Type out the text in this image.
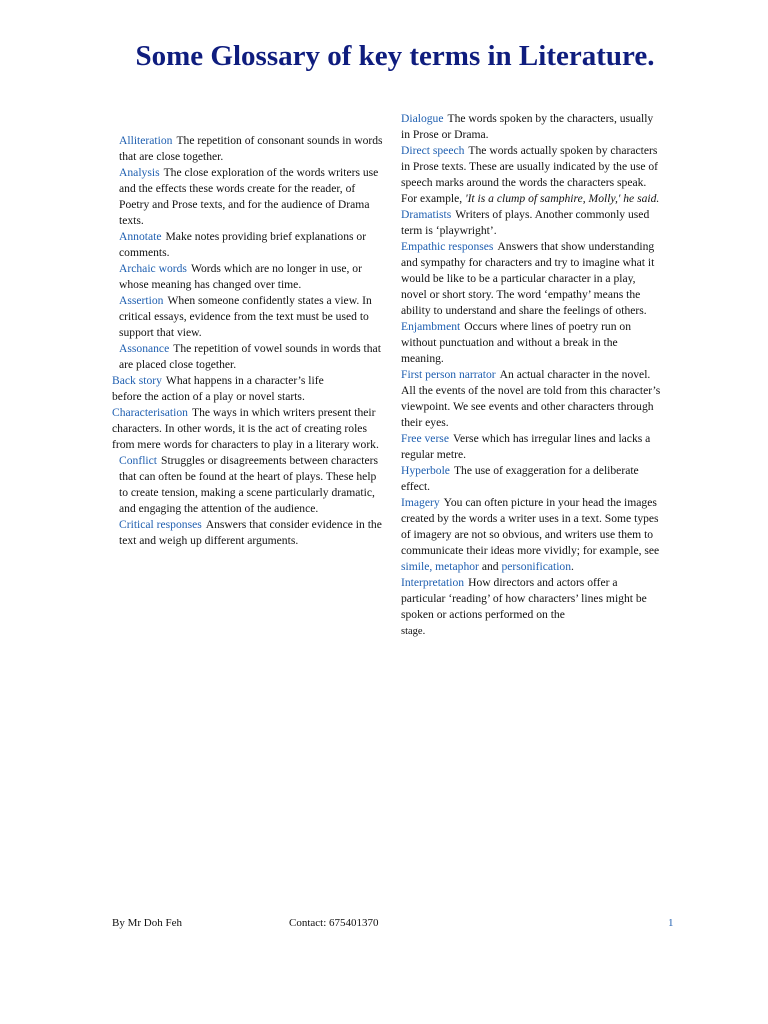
Some Glossary of key terms in Literature.

Alliteration The repetition of consonant sounds in words that are close together.

Analysis The close exploration of the words writers use and the effects these words create for the reader, of Poetry and Prose texts, and for the audience of Drama texts.

Annotate Make notes providing brief explanations or comments.

Archaic words Words which are no longer in use, or whose meaning has changed over time.

Assertion When someone confidently states a view. In critical essays, evidence from the text must be used to support that view.

Assonance The repetition of vowel sounds in words that are placed close together.

Back story What happens in a character’s life before the action of a play or novel starts.

Characterisation The ways in which writers present their characters. In other words, it is the act of creating roles from mere words for characters to play in a literary work.

Conflict Struggles or disagreements between characters that can often be found at the heart of plays. These help to create tension, making a scene particularly dramatic, and engaging the attention of the audience.

Critical responses Answers that consider evidence in the text and weigh up different arguments.

Dialogue The words spoken by the characters, usually in Prose or Drama.

Direct speech The words actually spoken by characters in Prose texts. These are usually indicated by the use of speech marks around the words the characters speak. For example, 'It is a clump of samphire, Molly,' he said.

Dramatists Writers of plays. Another commonly used term is ‘playwright’.

Empathic responses Answers that show understanding and sympathy for characters and try to imagine what it would be like to be a particular character in a play, novel or short story. The word ‘empathy’ means the ability to understand and share the feelings of others.

Enjambment Occurs where lines of poetry run on without punctuation and without a break in the meaning.

First person narrator An actual character in the novel. All the events of the novel are told from this character’s viewpoint. We see events and other characters through their eyes.

Free verse Verse which has irregular lines and lacks a regular metre.

Hyperbole The use of exaggeration for a deliberate effect.

Imagery You can often picture in your head the images created by the words a writer uses in a text. Some types of imagery are not so obvious, and writers use them to communicate their ideas more vividly; for example, see simile, metaphor and personification.

Interpretation How directors and actors offer a particular ‘reading’ of how characters’ lines might be spoken or actions performed on the
stage.

By Mr Doh Feh	Contact: 675401370	1
